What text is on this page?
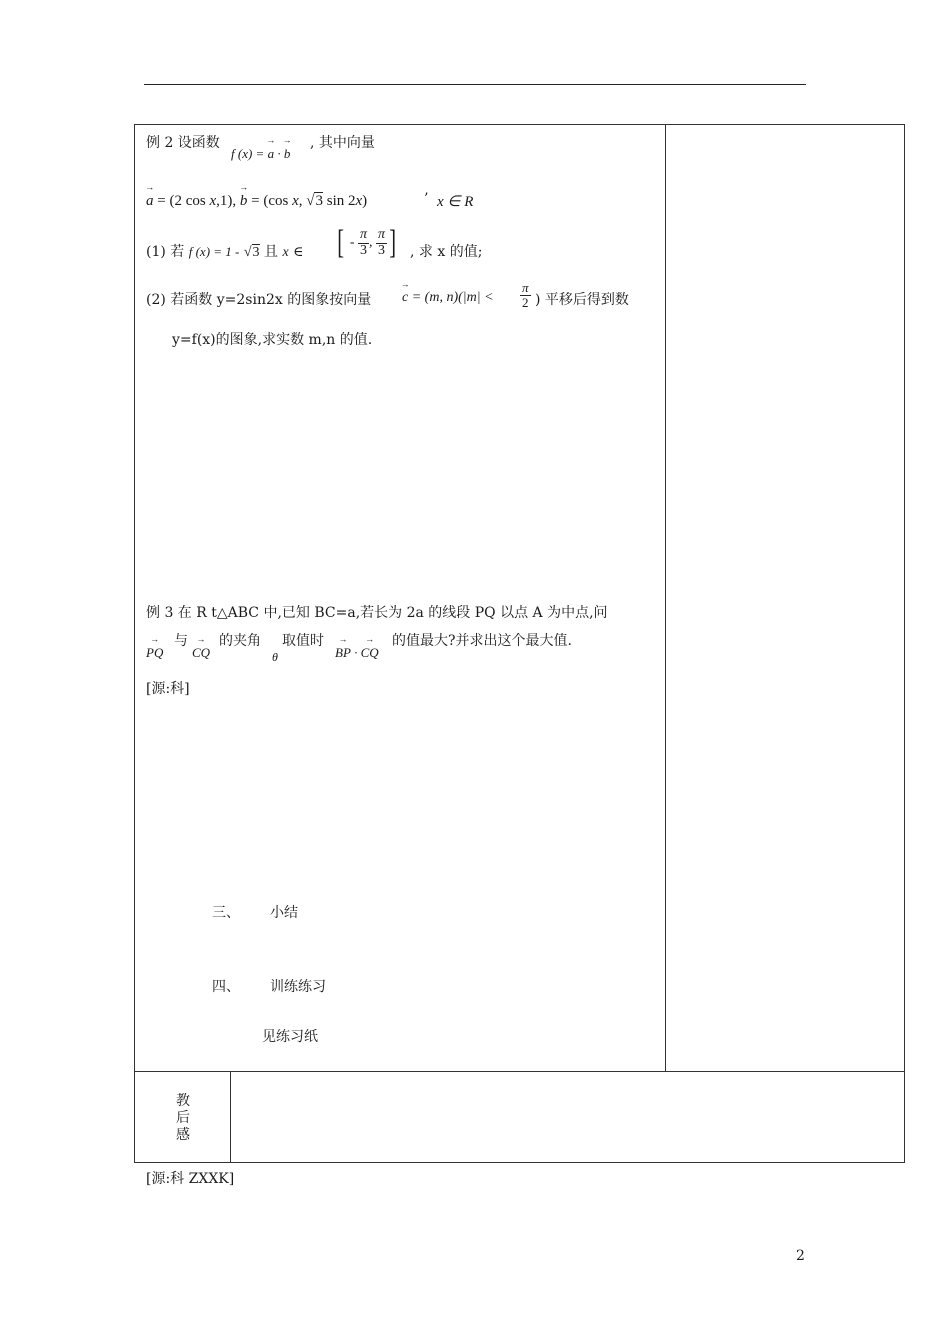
例 2 设函数
f (x) = → a · → b
, 其中向量
→ a = (2 cos x,1), → b = (cos x, √3 sin 2x)	’ x ∈ R
(1) 若 f (x) = 1 - √3 且 x ∈ [ - $\frac{\pi}{3}$ , $\frac{\pi}{3}$ ] , 求 x 的值;
(2) 若函数 y=2sin2x 的图象按向量
→ c = (m, $n)(|m| < \frac{\pi}{2}$ ) 平移后得到数
y=f(x)的图象,求实数 m,n 的值.
例 3 在 R t△ABC 中,已知 BC=a,若长为 2a 的线段 PQ 以点 A 为中点,问
→ PQ
与
→ CQ
的夹角
θ
取值时
→ BP · → CQ
的值最大?并求出这个最大值.
[源:科]
三、 小结
四、 训练练习
见练习纸
教
后
感
[源:科 ZXXK]
2
